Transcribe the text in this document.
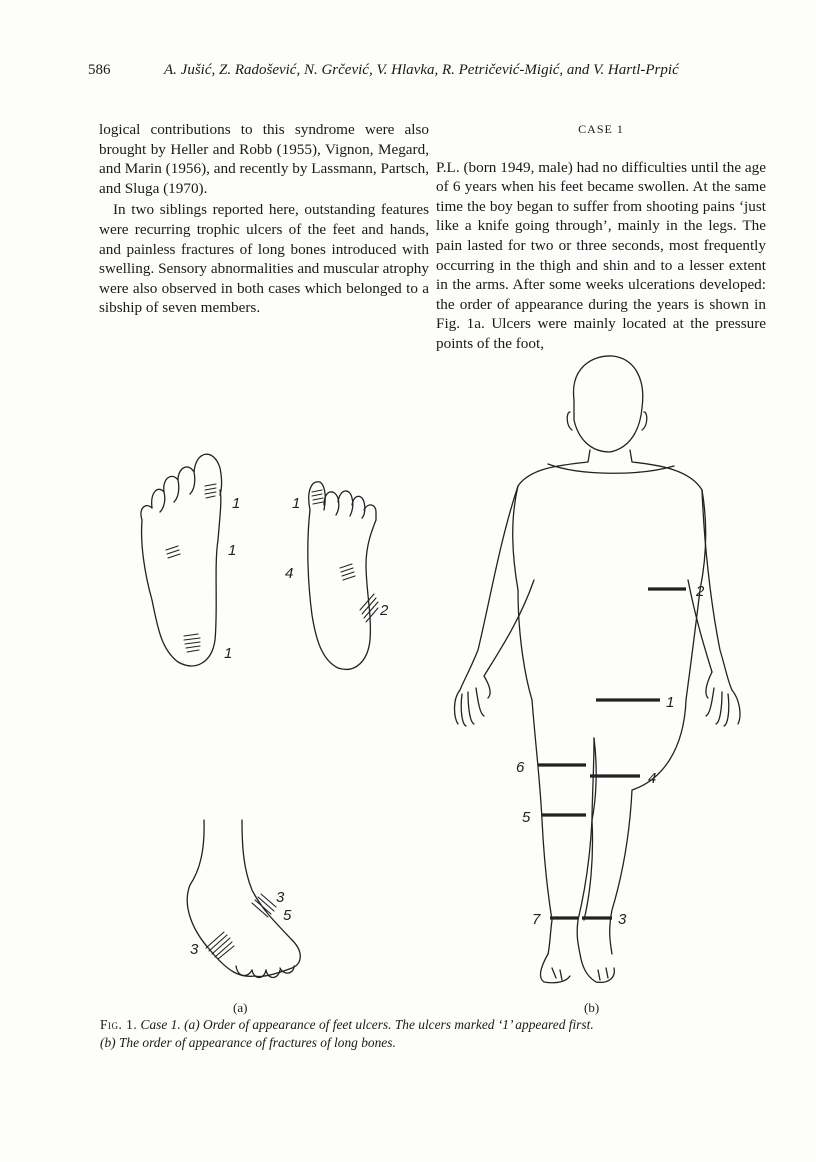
586	A. Jušić, Z. Radošević, N. Grčević, V. Hlavka, R. Petričević-Migić, and V. Hartl-Prpić

logical contributions to this syndrome were also brought by Heller and Robb (1955), Vignon, Megard, and Marin (1956), and recently by Lassmann, Partsch, and Sluga (1970).

In two siblings reported here, outstanding features were recurring trophic ulcers of the feet and hands, and painless fractures of long bones introduced with swelling. Sensory abnormalities and muscular atrophy were also observed in both cases which belonged to a sibship of seven members.

CASE 1

P.L. (born 1949, male) had no difficulties until the age of 6 years when his feet became swollen. At the same time the boy began to suffer from shooting pains ‘just like a knife going through’, mainly in the legs. The pain lasted for two or three seconds, most frequently occurring in the thigh and shin and to a lesser extent in the arms. After some weeks ulcerations developed: the order of appearance during the years is shown in Fig. 1a. Ulcers were mainly located at the pressure points of the foot,

1
1
1
1
4
2
3
5
3
2
1
6
4
5
7	3
(a)	(b)
Fig. 1. Case 1. (a) Order of appearance of feet ulcers. The ulcers marked ‘1’ appeared first.
(b) The order of appearance of fractures of long bones.
